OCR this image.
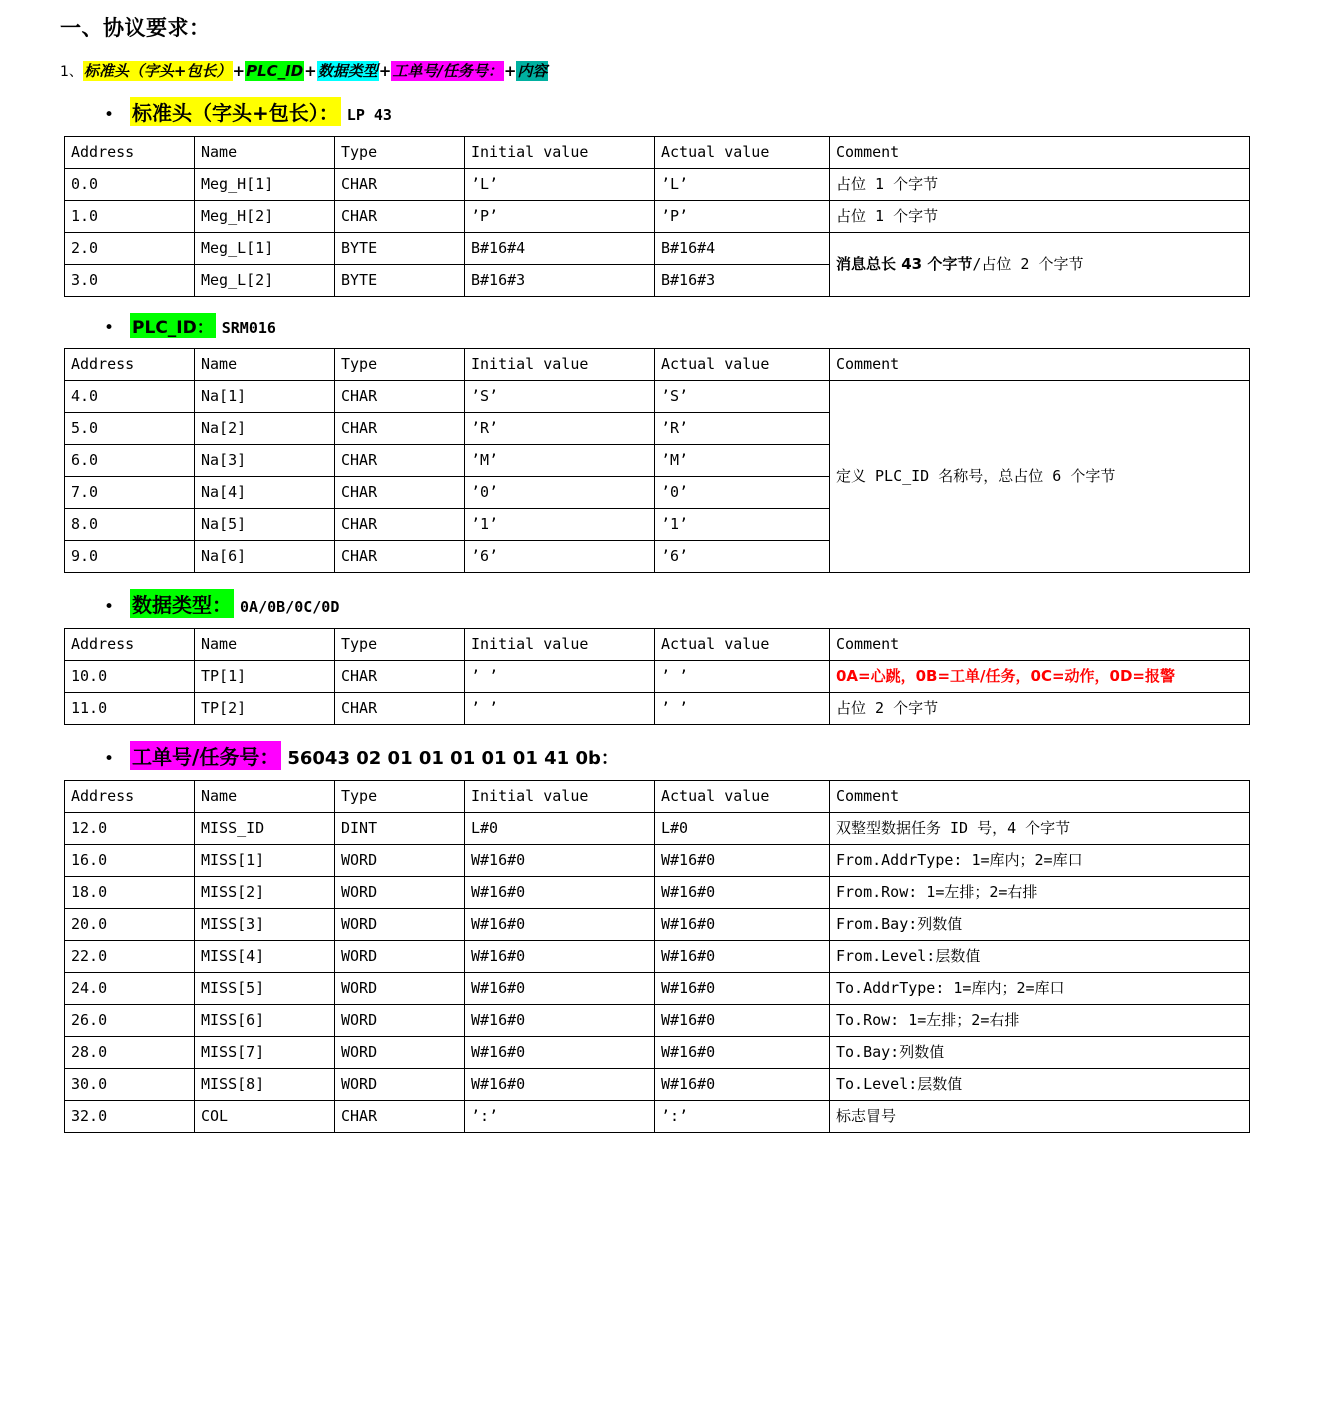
一、协议要求：
1、标准头（字头+包长）+PLC_ID+数据类型+工单号/任务号：+内容
• 标准头（字头+包长）： LP 43
Address	Name	Type	Initial value	Actual value	Comment
0.0	Meg_H[1]	CHAR	’L’	’L’	占位 1 个字节
1.0	Meg_H[2]	CHAR	’P’	’P’	占位 1 个字节
2.0	Meg_L[1]	BYTE	B#16#4	B#16#4	消息总长 43 个字节/占位 2 个字节
3.0	Meg_L[2]	BYTE	B#16#3	B#16#3	
• PLC_ID： SRM016
Address	Name	Type	Initial value	Actual value	Comment
4.0	Na[1]	CHAR	’S’	’S’	定义 PLC_ID 名称号，总占位 6 个字节
5.0	Na[2]	CHAR	’R’	’R’	
6.0	Na[3]	CHAR	’M’	’M’	
7.0	Na[4]	CHAR	’0’	’0’	
8.0	Na[5]	CHAR	’1’	’1’	
9.0	Na[6]	CHAR	’6’	’6’	
• 数据类型： 0A/0B/0C/0D
Address	Name	Type	Initial value	Actual value	Comment
10.0	TP[1]	CHAR	’ ’	’ ’	0A=心跳，0B=工单/任务，0C=动作，0D=报警
11.0	TP[2]	CHAR	’ ’	’ ’	占位 2 个字节
• 工单号/任务号： 56043 02 01 01 01 01 01 41 0b：
Address	Name	Type	Initial value	Actual value	Comment
12.0	MISS_ID	DINT	L#0	L#0	双整型数据任务 ID 号，4 个字节
16.0	MISS[1]	WORD	W#16#0	W#16#0	From.AddrType: 1=库内；2=库口
18.0	MISS[2]	WORD	W#16#0	W#16#0	From.Row: 1=左排；2=右排
20.0	MISS[3]	WORD	W#16#0	W#16#0	From.Bay:列数值
22.0	MISS[4]	WORD	W#16#0	W#16#0	From.Level:层数值
24.0	MISS[5]	WORD	W#16#0	W#16#0	To.AddrType: 1=库内；2=库口
26.0	MISS[6]	WORD	W#16#0	W#16#0	To.Row: 1=左排；2=右排
28.0	MISS[7]	WORD	W#16#0	W#16#0	To.Bay:列数值
30.0	MISS[8]	WORD	W#16#0	W#16#0	To.Level:层数值
32.0	COL	CHAR	’:’	’:’	标志冒号
